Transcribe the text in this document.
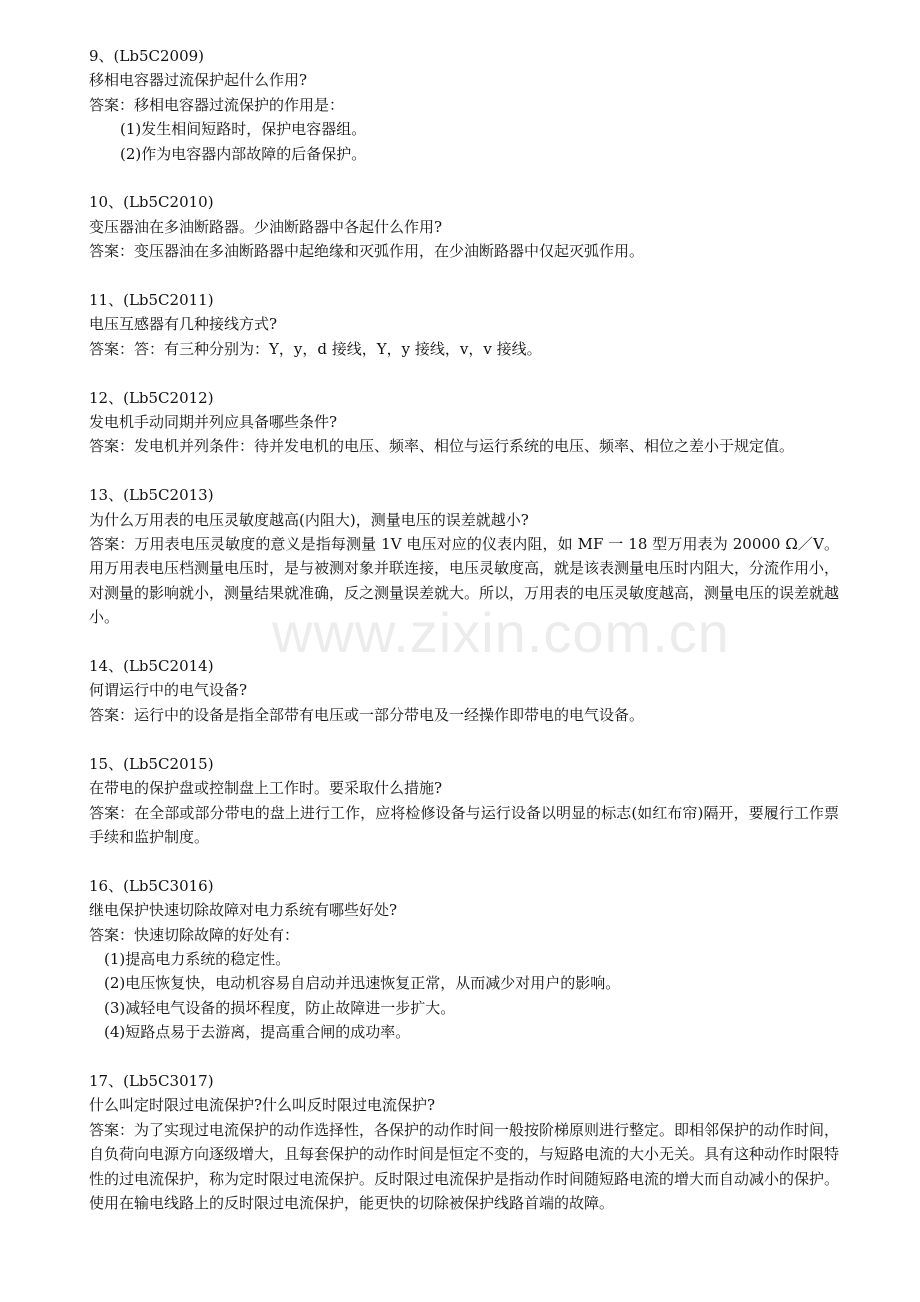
9、(Lb5C2009)

移相电容器过流保护起什么作用?

答案：移相电容器过流保护的作用是：

(1)发生相间短路时，保护电容器组。

(2)作为电容器内部故障的后备保护。

10、(Lb5C2010)

变压器油在多油断路器。少油断路器中各起什么作用?

答案：变压器油在多油断路器中起绝缘和灭弧作用，在少油断路器中仅起灭弧作用。

11、(Lb5C2011)

电压互感器有几种接线方式?

答案：答：有三种分别为：Y，y，d 接线，Y，y 接线，v，v 接线。

12、(Lb5C2012)

发电机手动同期并列应具备哪些条件?

答案：发电机并列条件：待并发电机的电压、频率、相位与运行系统的电压、频率、相位之差小于规定值。

13、(Lb5C2013)

为什么万用表的电压灵敏度越高(内阻大)，测量电压的误差就越小?

答案：万用表电压灵敏度的意义是指每测量 1V 电压对应的仪表内阻，如 MF 一 18 型万用表为 20000 Ω／V。用万用表电压档测量电压时，是与被测对象并联连接，电压灵敏度高，就是该表测量电压时内阻大，分流作用小，对测量的影响就小，测量结果就准确，反之测量误差就大。所以，万用表的电压灵敏度越高，测量电压的误差就越小。

14、(Lb5C2014)

何谓运行中的电气设备?

答案：运行中的设备是指全部带有电压或一部分带电及一经操作即带电的电气设备。

15、(Lb5C2015)

在带电的保护盘或控制盘上工作时。要采取什么措施?

答案：在全部或部分带电的盘上进行工作，应将检修设备与运行设备以明显的标志(如红布帘)隔开，要履行工作票手续和监护制度。

16、(Lb5C3016)

继电保护快速切除故障对电力系统有哪些好处?

答案：快速切除故障的好处有：

(1)提高电力系统的稳定性。

(2)电压恢复快，电动机容易自启动并迅速恢复正常，从而减少对用户的影响。

(3)减轻电气设备的损坏程度，防止故障进一步扩大。

(4)短路点易于去游离，提高重合闸的成功率。

17、(Lb5C3017)

什么叫定时限过电流保护?什么叫反时限过电流保护?

答案：为了实现过电流保护的动作选择性，各保护的动作时间一般按阶梯原则进行整定。即相邻保护的动作时间，自负荷向电源方向逐级增大，且每套保护的动作时间是恒定不变的，与短路电流的大小无关。具有这种动作时限特性的过电流保护，称为定时限过电流保护。反时限过电流保护是指动作时间随短路电流的增大而自动减小的保护。使用在输电线路上的反时限过电流保护，能更快的切除被保护线路首端的故障。

www.zixin.com.cn
